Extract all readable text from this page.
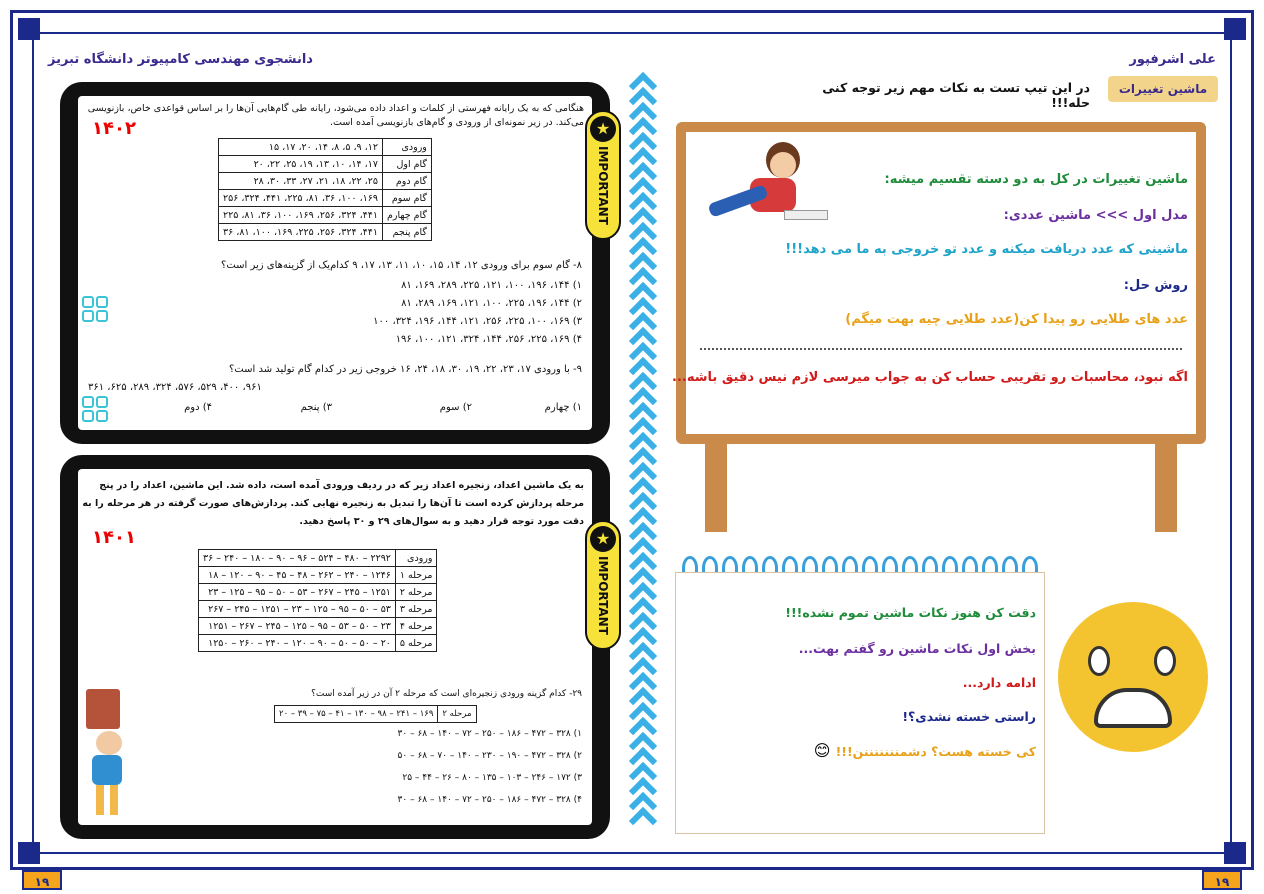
۱۹	۱۹
دانشجوی مهندسی کامپیوتر دانشگاه تبریز	علی اشرفپور
ماشین تغییرات
در این تیپ تست به نکات مهم زیر توجه کنی حله!!!
هنگامی که به یک رایانه فهرستی از کلمات و اعداد داده می‌شود، رایانه طی گام‌هایی آن‌ها را بر اساس قواعدی خاص، بازنویسی می‌کند. در زیر نمونه‌ای از ورودی و گام‌های بازنویسی آمده است.
۱۴۰۲
ورودی	۱۲، ۹، ۵، ۸، ۱۴، ۲۰، ۱۷، ۱۵
گام اول	۱۷، ۱۴، ۱۰، ۱۳، ۱۹، ۲۵، ۲۲، ۲۰
گام دوم	۲۵، ۲۲، ۱۸، ۲۱، ۲۷، ۳۳، ۳۰، ۲۸
گام سوم	۱۶۹، ۱۰۰، ۳۶، ۸۱، ۲۲۵، ۴۴۱، ۳۲۴، ۲۵۶
گام چهارم	۴۴۱، ۳۲۴، ۲۵۶، ۱۶۹، ۱۰۰، ۳۶، ۸۱، ۲۲۵
گام پنجم	۴۴۱، ۳۲۴، ۲۵۶، ۲۲۵، ۱۶۹، ۱۰۰، ۸۱، ۳۶
۸- گام سوم برای ورودی ۱۲، ۱۴، ۱۵، ۱۰، ۱۱، ۱۳، ۱۷، ۹ کدام‌یک از گزینه‌های زیر است؟
۱) ۱۴۴، ۱۹۶، ۱۰۰، ۱۲۱، ۲۲۵، ۲۸۹، ۱۶۹، ۸۱
۲) ۱۴۴، ۱۹۶، ۲۲۵، ۱۰۰، ۱۲۱، ۱۶۹، ۲۸۹، ۸۱
۳) ۱۶۹، ۱۰۰، ۲۲۵، ۲۵۶، ۱۲۱، ۱۴۴، ۱۹۶، ۳۲۴، ۱۰۰
۴) ۱۶۹، ۲۲۵، ۲۵۶، ۱۴۴، ۳۲۴، ۱۲۱، ۱۰۰، ۱۹۶
۹- با ورودی ۱۷، ۲۳، ۲۲، ۱۹، ۳۰، ۱۸، ۲۴، ۱۶ خروجی زیر در کدام گام تولید شد است؟
۹۶۱، ۴۰۰، ۵۲۹، ۵۷۶، ۳۲۴، ۲۸۹، ۶۲۵، ۳۶۱
۱) چهارم
۲) سوم
۳) پنجم
۴) دوم
★
IMPORTANT
به یک ماشین اعداد، زنجیره اعداد زیر که در ردیف ورودی آمده است، داده شد. این ماشین، اعداد را در پنج مرحله پردازش کرده است تا آن‌ها را تبدیل به زنجیره نهایی کند. پردازش‌های صورت گرفته در هر مرحله را به دقت مورد توجه قرار دهید و به سوال‌های ۲۹ و ۳۰ پاسخ دهید.
۱۴۰۱
ورودی	۲۲۹۲ – ۴۸۰ – ۵۲۴ – ۹۶ – ۹۰ – ۱۸۰ – ۲۴۰ – ۳۶
مرحله ۱	۱۲۴۶ – ۲۴۰ – ۲۶۲ – ۴۸ – ۴۵ – ۹۰ – ۱۲۰ – ۱۸
مرحله ۲	۱۲۵۱ – ۲۴۵ – ۲۶۷ – ۵۳ – ۵۰ – ۹۵ – ۱۲۵ – ۲۳
مرحله ۳	۵۳ – ۵۰ – ۹۵ – ۱۲۵ – ۲۳ – ۱۲۵۱ – ۲۴۵ – ۲۶۷
مرحله ۴	۲۳ – ۵۰ – ۵۳ – ۹۵ – ۱۲۵ – ۲۴۵ – ۲۶۷ – ۱۲۵۱
مرحله ۵	۲۰ – ۵۰ – ۵۰ – ۹۰ – ۱۲۰ – ۲۴۰ – ۲۶۰ – ۱۲۵۰
۲۹- کدام گزینه ورودی زنجیره‌ای است که مرحله ۲ آن در زیر آمده است؟
مرحله ۲	۱۶۹ – ۲۴۱ – ۹۸ – ۱۳۰ – ۴۱ – ۷۵ – ۳۹ – ۲۰
۱) ۳۲۸ – ۴۷۲ – ۱۸۶ – ۲۵۰ – ۷۲ – ۱۴۰ – ۶۸ – ۳۰
۲) ۳۲۸ – ۴۷۲ – ۱۹۰ – ۲۳۰ – ۱۴۰ – ۷۰ – ۶۸ – ۵۰
۳) ۱۷۲ – ۲۴۶ – ۱۰۳ – ۱۳۵ – ۸۰ – ۲۶ – ۴۴ – ۲۵
۴) ۳۲۸ – ۴۷۲ – ۱۸۶ – ۲۵۰ – ۷۲ – ۱۴۰ – ۶۸ – ۳۰
★
IMPORTANT
ماشین تغییرات در کل به دو دسته تقسیم میشه:
مدل اول >>> ماشین عددی:
ماشینی که عدد دریافت میکنه و عدد تو خروجی به ما می دهد!!!
روش حل:
عدد های طلایی رو پیدا کن(عدد طلایی چیه بهت میگم)
اگه نبود، محاسبات رو تقریبی حساب کن به جواب میرسی لازم نیس دقیق باشه...
دقت کن هنوز نکات ماشین تموم نشده!!!
بخش اول نکات ماشین رو گفتم بهت...
ادامه دارد...
راستی خسته نشدی؟!
کی خسته هست؟ دشمنننننننن!!! 😊
